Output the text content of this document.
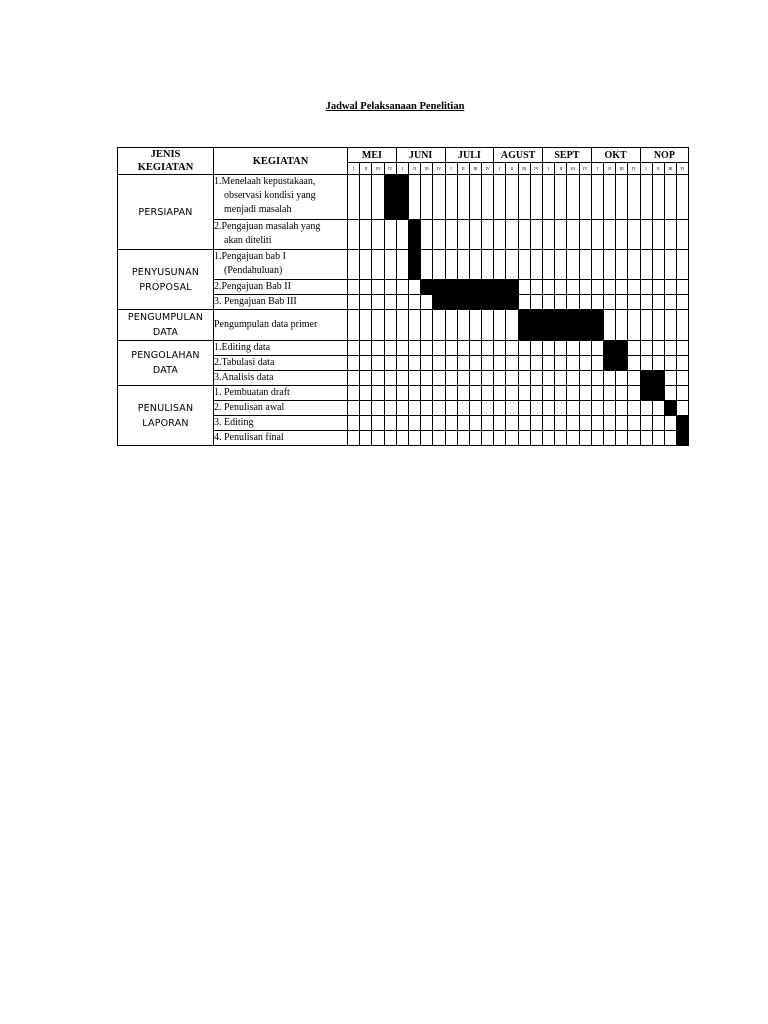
Jadwal Pelaksanaan Penelitian
JENIS
KEGIATAN	KEGIATAN	MEI				JUNI				JULI				AGUST				SEPT				OKT				NOP			
		I	II	III	IV	I	II	III	IV	I	II	III	IV	I	II	III	IV	I	II	III	IV	I	II	III	IV	I	II	III	IV

PERSIAPAN	1.Menelaah kepustakaan,
observasi kondisi yang
menjadi masalah																												

	2.Pengajuan masalah yang
akan diteliti																												

PENYUSUNAN
PROPOSAL	1.Pengajuan bab I
(Pendahuluan)																												

	2.Pengajuan Bab II																												

	3. Pengajuan Bab III																												

PENGUMPULAN
DATA	Pengumpulan data primer																												

PENGOLAHAN
DATA	1.Editing data																												

	2.Tabulasi data																												

	3.Analisis data																												

PENULISAN
LAPORAN	1. Pembuatan draft																												

	2. Penulisan awal																												

	3. Editing																												

	4. Penulisan final																												
